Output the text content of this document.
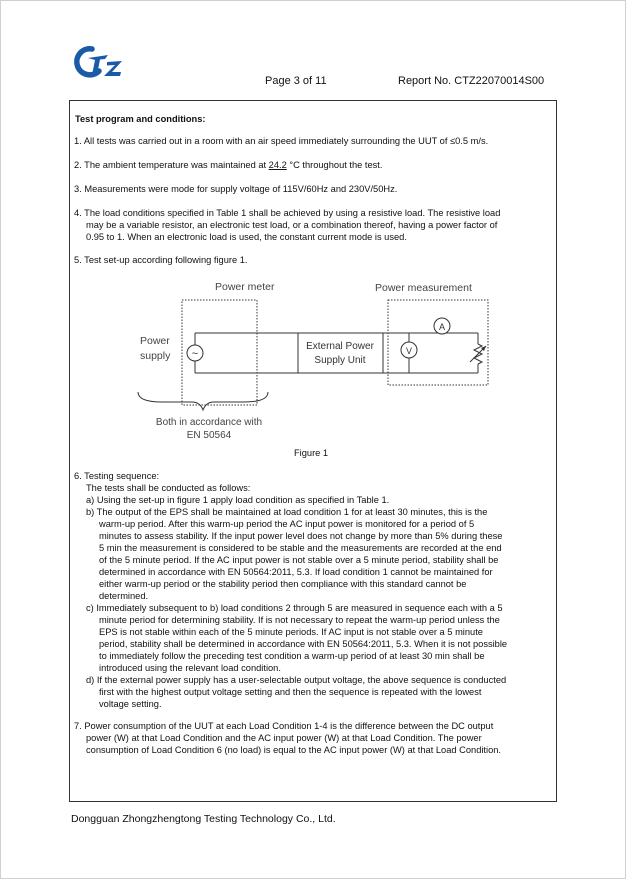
Page 3 of 11	Report No. CTZ22070014S00
Test program and conditions:
1. All tests was carried out in a room with an air speed immediately surrounding the UUT of ≤0.5 m/s.
2. The ambient temperature was maintained at 24.2 °C throughout the test.
3. Measurements were mode for supply voltage of 115V/60Hz and 230V/50Hz.
4. The load conditions specified in Table 1 shall be achieved by using a resistive load. The resistive load
may be a variable resistor, an electronic test load, or a combination thereof, having a power factor of
0.95 to 1. When an electronic load is used, the constant current mode is used.
5. Test set-up according following figure 1.
~	V
A
Power meter	Power measurement
Power
supply
External Power
Supply Unit
Both in accordance with
EN 50564
Figure 1
6. Testing sequence:
The tests shall be conducted as follows:
a) Using the set-up in figure 1 apply load condition as specified in Table 1.
b) The output of the EPS shall be maintained at load condition 1 for at least 30 minutes, this is the
warm-up period. After this warm-up period the AC input power is monitored for a period of 5
minutes to assess stability. If the input power level does not change by more than 5% during these
5 min the measurement is considered to be stable and the measurements are recorded at the end
of the 5 minute period. If the AC input power is not stable over a 5 minute period, stability shall be
determined in accordance with EN 50564:2011, 5.3. If load condition 1 cannot be maintained for
either warm-up period or the stability period then compliance with this standard cannot be
determined.
c) Immediately subsequent to b) load conditions 2 through 5 are measured in sequence each with a 5
minute period for determining stability. If is not necessary to repeat the warm-up period unless the
EPS is not stable within each of the 5 minute periods. If AC input is not stable over a 5 minute
period, stability shall be determined in accordance with EN 50564:2011, 5.3. When it is not possible
to immediately follow the preceding test condition a warm-up period of at least 30 min shall be
introduced using the relevant load condition.
d) If the external power supply has a user-selectable output voltage, the above sequence is conducted
first with the highest output voltage setting and then the sequence is repeated with the lowest
voltage setting.
7. Power consumption of the UUT at each Load Condition 1-4 is the difference between the DC output
power (W) at that Load Condition and the AC input power (W) at that Load Condition. The power
consumption of Load Condition 6 (no load) is equal to the AC input power (W) at that Load Condition.
Dongguan Zhongzhengtong Testing Technology Co., Ltd.
